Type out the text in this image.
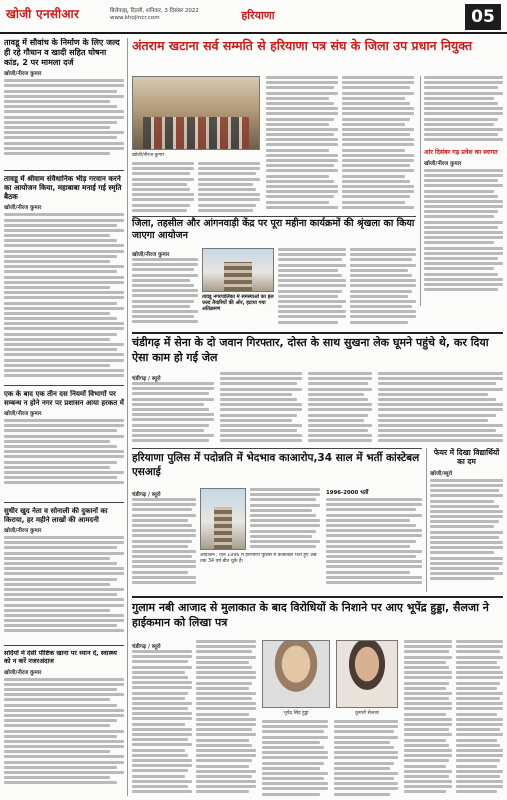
खोजी एनसीआर	बिलेपाझ्, दिल्ली, शनिवार, 3 दिसंबर 2022
www.khojincr.com	हरियाणा	05
तावडू में सौवांच के निर्माण के लिए जल्द ही रहे गौधान व खादी सहित घोषना कांड, 2 पर मामला दर्ज
खोजी/नीरज कुमार
तावडू में श्रीवाम संवैधानिक भीड़ गरवान करने का आयोजन किया, महाबाबा मनाई गई स्मृति बैठक
खोजी/नीरज कुमार
एक के बाद एक तीन दस नियमों विभागों पर सम्बन्ध न होने नगर पर प्रशासन आया हरकत में
खोजी/नीरज कुमार
सुधीर खुद नेता व सोनाली की दुकानों का किराया, हर महीने लाखों की आमदनी
खोजी/नीरज कुमार
सर्दियों में देसी पौष्टिक खाना पर ध्यान दें, स्वास्थ्य को न करें नजरअंदाज
खोजी/नीरज कुमार
अंतराम खटाना सर्व सम्मति से हरियाणा पत्र संघ के जिला उप प्रधान नियुक्त
खोजी/नीरज कुमार	आंर दिसंबर गढ़ प्रवेश का स्वागत
खोजी/नीरज कुमार
जिला, तहसील और आंगनवाड़ी केंद्र पर पूरा महीना कार्यक्रमों की श्रृंखला का किया जाएगा आयोजन
खोजी/नीरज कुमार
तावडू नगरपालिका में समस्याओं का हल जल्द तैयारियों की ओर, हटाया गया अतिक्रमण
चंडीगढ़ में सेना के दो जवान गिरफ्तार, दोस्त के साथ सुखना लेक घूमने पहुंचे थे, कर दिया ऐसा काम हो गई जेल
चंडीगढ़ / ब्यूरो
हरियाणा पुलिस में पदोन्नति में भेदभाव काआरोप,34 साल में भर्ती कांस्टेबल एसआई
चंडीगढ़ / ब्यूरो
आंदोलन : दिन 1996 में हरियाणा पुलिस में कांस्टेबल भर्ती हुए अब तक 34 वर्ष बीत चुके हैं।
1996-2000 भर्ती
फेयर में दिखा विद्यार्थियों का दम
खोजी/ब्यूरो
गुलाम नबी आजाद से मुलाकात के बाद विरोधियों के निशाने पर आए भूपेंद्र हुड्डा, सैलजा ने हाईकमान को लिखा पत्र
चंडीगढ़ / ब्यूरो
भूपेंद्र सिंह हुड्डा	कुमारी सैलजा
